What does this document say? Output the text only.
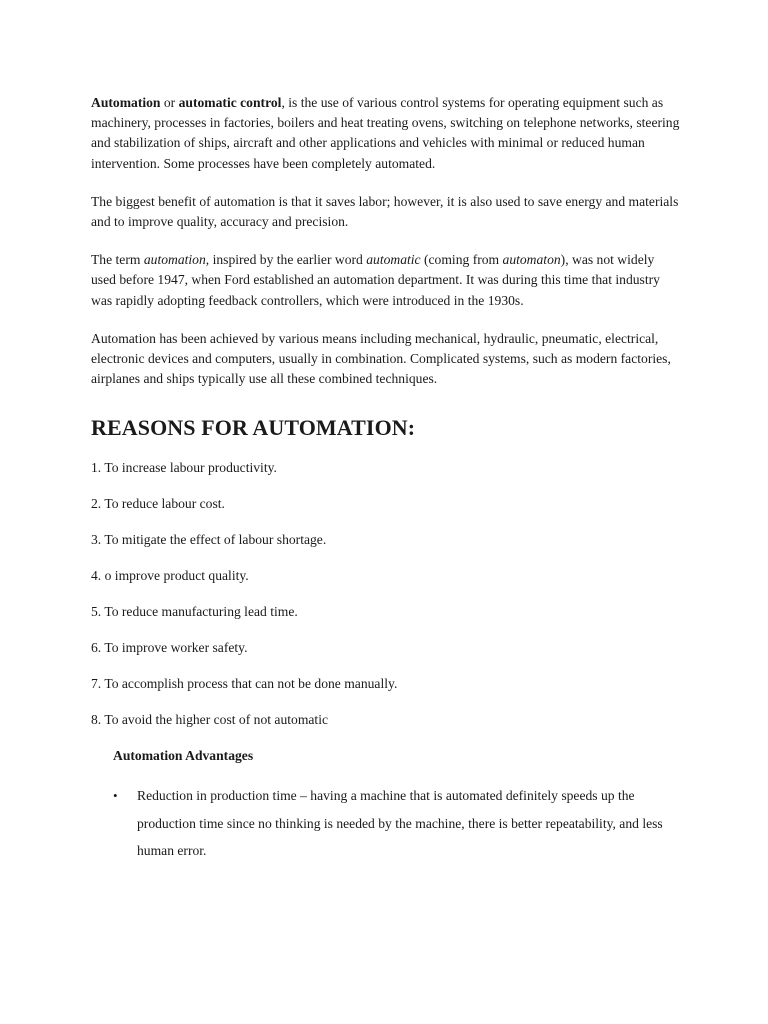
Automation or automatic control, is the use of various control systems for operating equipment such as machinery, processes in factories, boilers and heat treating ovens, switching on telephone networks, steering and stabilization of ships, aircraft and other applications and vehicles with minimal or reduced human intervention. Some processes have been completely automated.

The biggest benefit of automation is that it saves labor; however, it is also used to save energy and materials and to improve quality, accuracy and precision.

The term automation, inspired by the earlier word automatic (coming from automaton), was not widely used before 1947, when Ford established an automation department. It was during this time that industry was rapidly adopting feedback controllers, which were introduced in the 1930s.

Automation has been achieved by various means including mechanical, hydraulic, pneumatic, electrical, electronic devices and computers, usually in combination. Complicated systems, such as modern factories, airplanes and ships typically use all these combined techniques.

REASONS FOR AUTOMATION:

1. To increase labour productivity.

2. To reduce labour cost.

3. To mitigate the effect of labour shortage.

4. o improve product quality.

5. To reduce manufacturing lead time.

6. To improve worker safety.

7. To accomplish process that can not be done manually.

8. To avoid the higher cost of not automatic

Automation Advantages
• Reduction in production time – having a machine that is automated definitely speeds up the production time since no thinking is needed by the machine, there is better repeatability, and less human error.
